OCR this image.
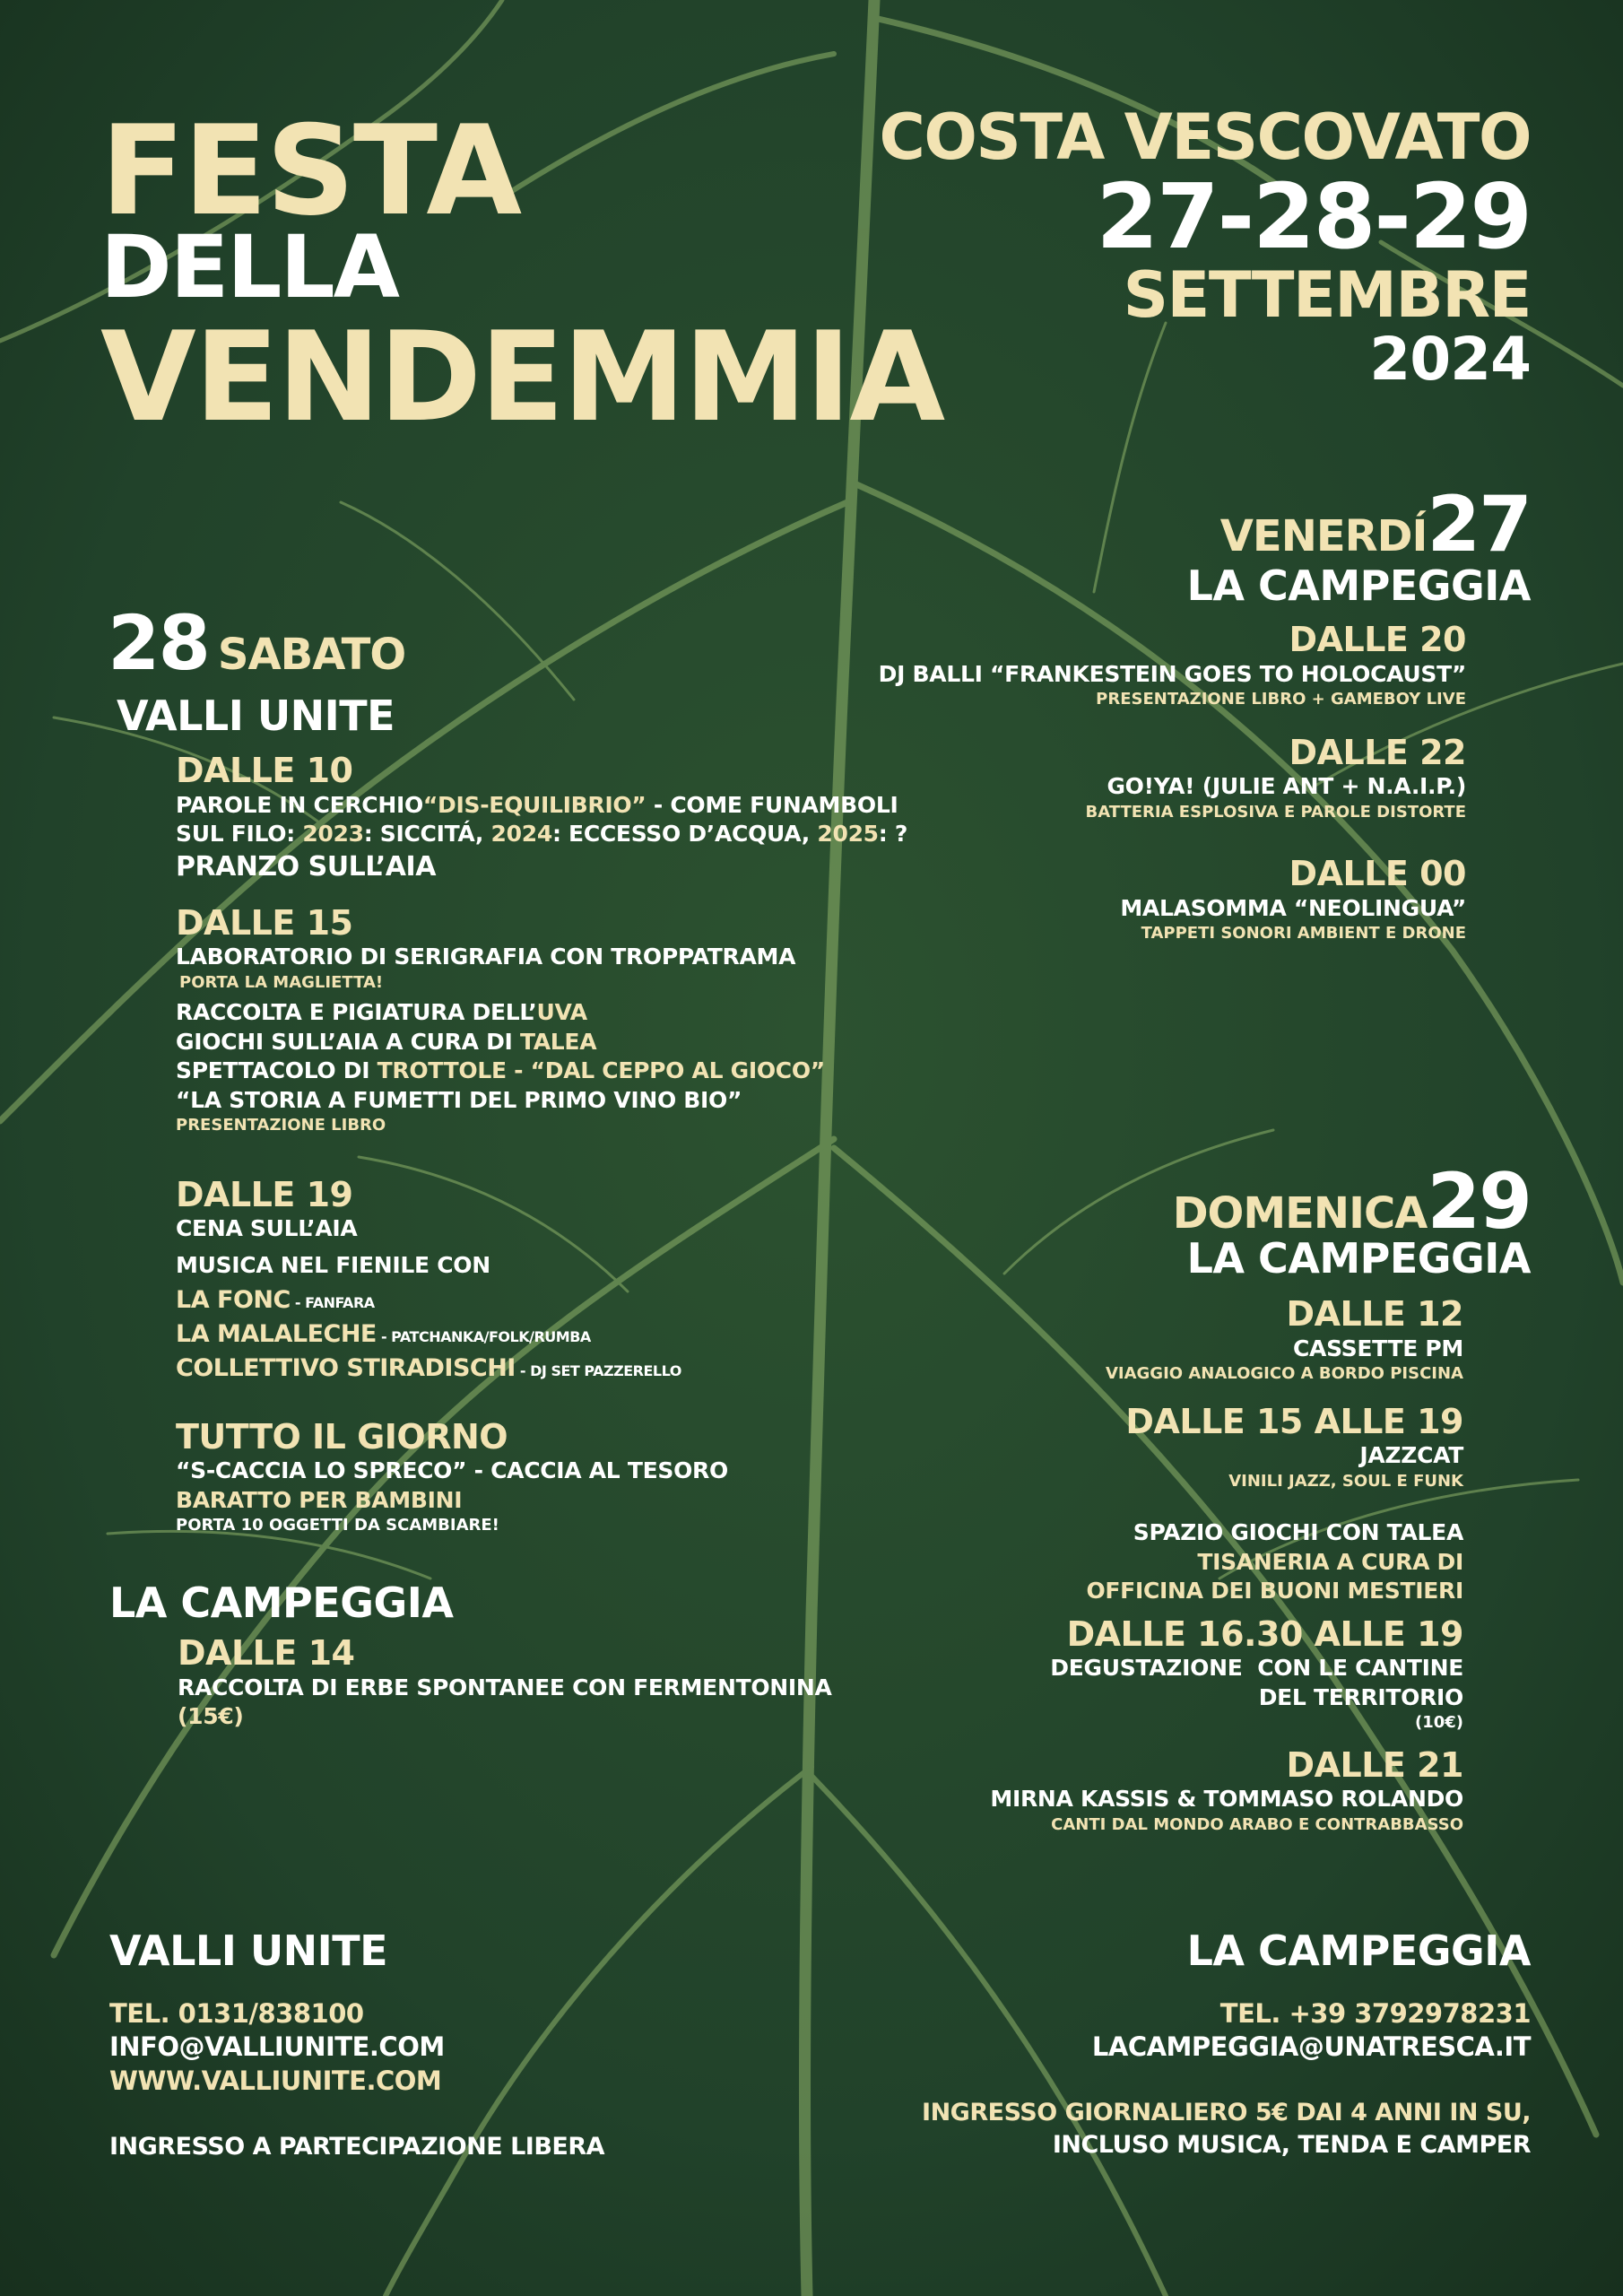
FESTA
DELLA
VENDEMMIA
COSTA VESCOVATO
27-28-29
SETTEMBRE
2024
VENERDÍ27
LA CAMPEGGIA
DALLE 20
DJ BALLI “FRANKESTEIN GOES TO HOLOCAUST”
PRESENTAZIONE LIBRO + GAMEBOY LIVE
DALLE 22
GO!YA! (JULIE ANT + N.A.I.P.)
BATTERIA ESPLOSIVA E PAROLE DISTORTE
DALLE 00
MALASOMMA “NEOLINGUA”
TAPPETI SONORI AMBIENT E DRONE
28 SABATO
VALLI UNITE
DALLE 10
PAROLE IN CERCHIO“DIS-EQUILIBRIO” - COME FUNAMBOLI
SUL FILO: 2023: SICCITÁ, 2024: ECCESSO D’ACQUA, 2025: ?
PRANZO SULL’AIA
DALLE 15
LABORATORIO DI SERIGRAFIA CON TROPPATRAMA
PORTA LA MAGLIETTA!
RACCOLTA E PIGIATURA DELL’UVA
GIOCHI SULL’AIA A CURA DI TALEA
SPETTACOLO DI TROTTOLE - “DAL CEPPO AL GIOCO”
“LA STORIA A FUMETTI DEL PRIMO VINO BIO”
PRESENTAZIONE LIBRO
DALLE 19
CENA SULL’AIA
MUSICA NEL FIENILE CON
LA FONC - FANFARA
LA MALALECHE - PATCHANKA/FOLK/RUMBA
COLLETTIVO STIRADISCHI - DJ SET PAZZERELLO
TUTTO IL GIORNO
“S-CACCIA LO SPRECO” - CACCIA AL TESORO
BARATTO PER BAMBINI
PORTA 10 OGGETTI DA SCAMBIARE!
LA CAMPEGGIA
DALLE 14
RACCOLTA DI ERBE SPONTANEE CON FERMENTONINA
(15€)
DOMENICA29
LA CAMPEGGIA
DALLE 12
CASSETTE PM
VIAGGIO ANALOGICO A BORDO PISCINA
DALLE 15 ALLE 19
JAZZCAT
VINILI JAZZ, SOUL E FUNK
SPAZIO GIOCHI CON TALEA
TISANERIA A CURA DI
OFFICINA DEI BUONI MESTIERI
DALLE 16.30 ALLE 19
DEGUSTAZIONE  CON LE CANTINE
DEL TERRITORIO
(10€)
DALLE 21
MIRNA KASSIS & TOMMASO ROLANDO
CANTI DAL MONDO ARABO E CONTRABBASSO
VALLI UNITE
TEL. 0131/838100
INFO@VALLIUNITE.COM
WWW.VALLIUNITE.COM
INGRESSO A PARTECIPAZIONE LIBERA
LA CAMPEGGIA
TEL. +39 3792978231
LACAMPEGGIA@UNATRESCA.IT
INGRESSO GIORNALIERO 5€ DAI 4 ANNI IN SU,
INCLUSO MUSICA, TENDA E CAMPER
